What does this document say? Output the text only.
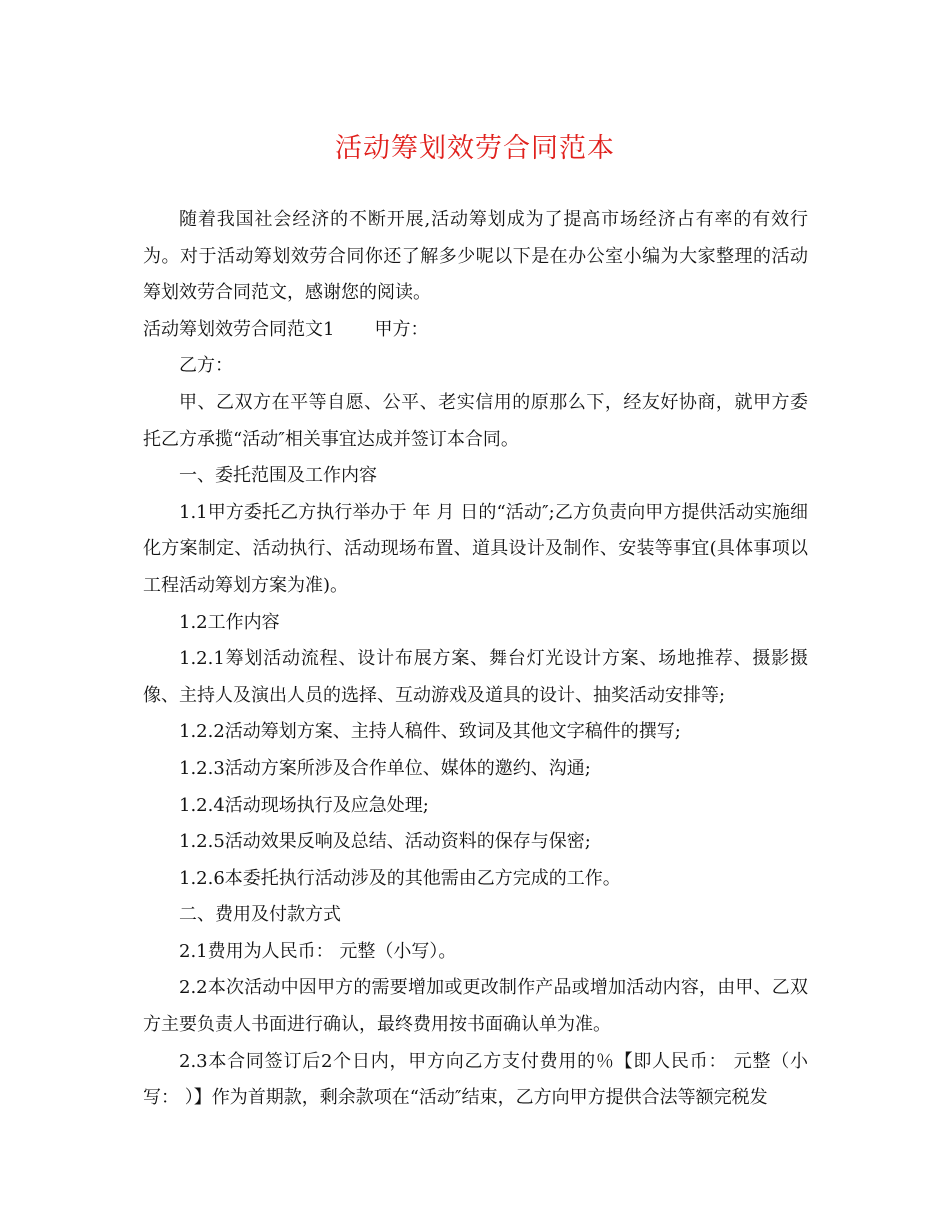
活动筹划效劳合同范本

随着我国社会经济的不断开展,活动筹划成为了提高市场经济占有率的有效行为。对于活动筹划效劳合同你还了解多少呢以下是在办公室小编为大家整理的活动筹划效劳合同范文，感谢您的阅读。

活动筹划效劳合同范文1 甲方：

乙方：

甲、乙双方在平等自愿、公平、老实信用的原那么下，经友好协商，就甲方委托乙方承揽“活动″相关事宜达成并签订本合同。

一、委托范围及工作内容

1.1甲方委托乙方执行举办于 年 月 日的“活动″;乙方负责向甲方提供活动实施细化方案制定、活动执行、活动现场布置、道具设计及制作、安装等事宜(具体事项以工程活动筹划方案为准)。

1.2工作内容

1.2.1筹划活动流程、设计布展方案、舞台灯光设计方案、场地推荐、摄影摄像、主持人及演出人员的选择、互动游戏及道具的设计、抽奖活动安排等;

1.2.2活动筹划方案、主持人稿件、致词及其他文字稿件的撰写;

1.2.3活动方案所涉及合作单位、媒体的邀约、沟通;

1.2.4活动现场执行及应急处理;

1.2.5活动效果反响及总结、活动资料的保存与保密;

1.2.6本委托执行活动涉及的其他需由乙方完成的工作。

二、费用及付款方式

2.1费用为人民币： 元整（小写）。

2.2本次活动中因甲方的需要增加或更改制作产品或增加活动内容，由甲、乙双方主要负责人书面进行确认，最终费用按书面确认单为准。

2.3本合同签订后2个日内，甲方向乙方支付费用的％【即人民币： 元整（小写： ）】作为首期款，剩余款项在“活动″结束，乙方向甲方提供合法等额完税发
